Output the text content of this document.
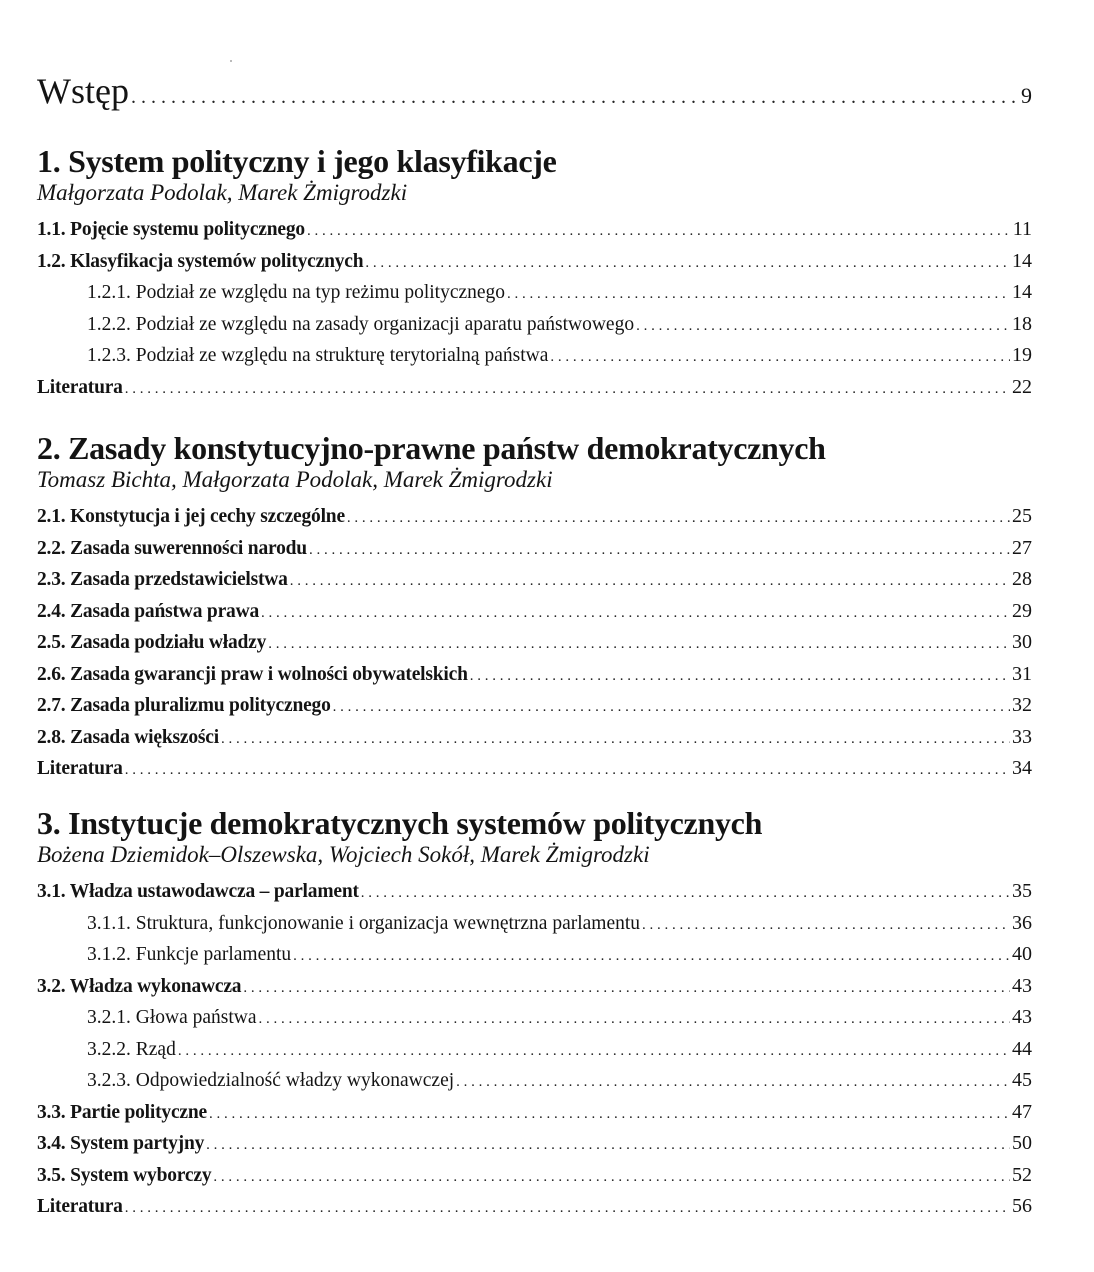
Wstęp . . .	9
1. System polityczny i jego klasyfikacje
Małgorzata Podolak, Marek Żmigrodzki
1.1. Pojęcie systemu politycznego . . .	11
1.2. Klasyfikacja systemów politycznych . . .	14
1.2.1. Podział ze względu na typ reżimu politycznego . . .	14
1.2.2. Podział ze względu na zasady organizacji aparatu państwowego . . .	18
1.2.3. Podział ze względu na strukturę terytorialną państwa . . .	19
Literatura . . .	22
2. Zasady konstytucyjno-prawne państw demokratycznych
Tomasz Bichta, Małgorzata Podolak, Marek Żmigrodzki
2.1. Konstytucja i jej cechy szczególne . . .	25
2.2. Zasada suwerenności narodu . . .	27
2.3. Zasada przedstawicielstwa . . .	28
2.4. Zasada państwa prawa . . .	29
2.5. Zasada podziału władzy . . .	30
2.6. Zasada gwarancji praw i wolności obywatelskich . . .	31
2.7. Zasada pluralizmu politycznego . . .	32
2.8. Zasada większości . . .	33
Literatura . . .	34
3. Instytucje demokratycznych systemów politycznych
Bożena Dziemidok–Olszewska, Wojciech Sokół, Marek Żmigrodzki
3.1. Władza ustawodawcza – parlament . . .	35
3.1.1. Struktura, funkcjonowanie i organizacja wewnętrzna parlamentu . . .	36
3.1.2. Funkcje parlamentu . . .	40
3.2. Władza wykonawcza . . .	43
3.2.1. Głowa państwa . . .	43
3.2.2. Rząd . . .	44
3.2.3. Odpowiedzialność władzy wykonawczej . . .	45
3.3. Partie polityczne . . .	47
3.4. System partyjny . . .	50
3.5. System wyborczy . . .	52
Literatura . . .	56
